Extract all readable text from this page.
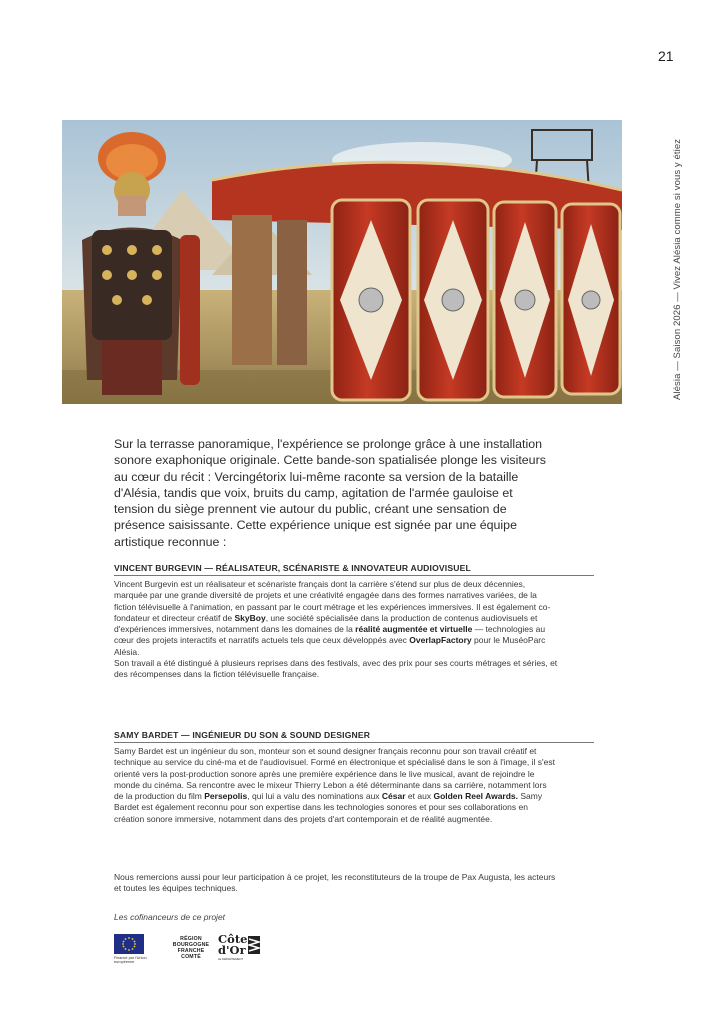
21
Alésia — Saison 2026 — Vivez Alésia comme si vous y étiez

Sur la terrasse panoramique, l'expérience se prolonge grâce à une installation sonore exaphonique originale. Cette bande-son spatialisée plonge les visiteurs au cœur du récit : Vercingétorix lui-même raconte sa version de la bataille d'Alésia, tandis que voix, bruits du camp, agitation de l'armée gauloise et tension du siège prennent vie autour du public, créant une sensation de présence saisissante. Cette expérience unique est signée par une équipe artistique reconnue :

VINCENT BURGEVIN — RÉALISATEUR, SCÉNARISTE & INNOVATEUR AUDIOVISUEL

Vincent Burgevin est un réalisateur et scénariste français dont la carrière s'étend sur plus de deux décennies, marquée par une grande diversité de projets et une créativité engagée dans des formes narratives variées, de la fiction télévisuelle à l'animation, en passant par le court métrage et les expériences immersives. Il est également co-fondateur et directeur créatif de SkyBoy, une société spécialisée dans la production de contenus audiovisuels et d'expériences immersives, notamment dans les domaines de la réalité augmentée et virtuelle — technologies au cœur des projets interactifs et narratifs actuels tels que ceux développés avec OverlapFactory pour le MuséoParc Alésia.
Son travail a été distingué à plusieurs reprises dans des festivals, avec des prix pour ses courts métrages et séries, et des récompenses dans la fiction télévisuelle française.

SAMY BARDET — INGÉNIEUR DU SON & SOUND DESIGNER

Samy Bardet est un ingénieur du son, monteur son et sound designer français reconnu pour son travail créatif et technique au service du ciné-ma et de l'audiovisuel. Formé en électronique et spécialisé dans le son à l'image, il s'est orienté vers la post-production sonore après une première expérience dans le live musical, avant de rejoindre le monde du cinéma. Sa rencontre avec le mixeur Thierry Lebon a été déterminante dans sa carrière, notamment lors de la production du film Persepolis, qui lui a valu des nominations aux César et aux Golden Reel Awards. Samy Bardet est également reconnu pour son expertise dans les technologies sonores et pour ses collaborations en création sonore immersive, notamment dans des projets d'art contemporain et de réalité augmentée.

Nous remercions aussi pour leur participation à ce projet, les reconstituteurs de la troupe de Pax Augusta, les acteurs et toutes les équipes techniques.

Les cofinanceurs de ce projet

Financé par l'Union européenne
RÉGION
BOURGOGNE
FRANCHE
COMTÉ
Côte
d'Or
LE DÉPARTEMENT
